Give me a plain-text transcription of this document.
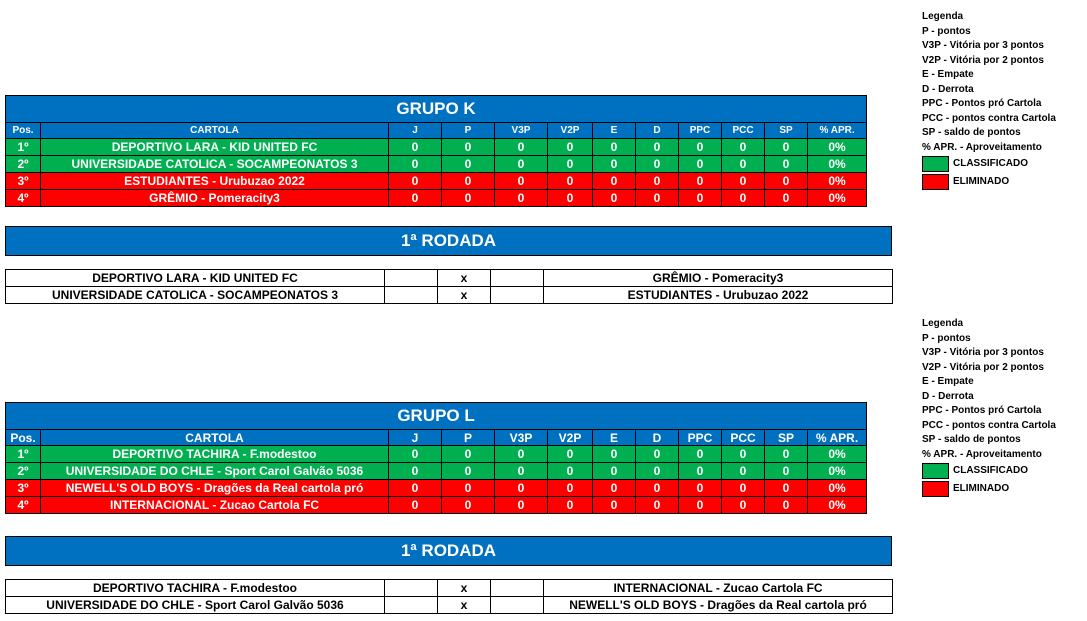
GRUPO K											
Pos.	CARTOLA	J	P	V3P	V2P	E	D	PPC	PCC	SP	% APR.
1º	DEPORTIVO LARA - KID UNITED FC	0	0	0	0	0	0	0	0	0	0%
2º	UNIVERSIDADE CATOLICA - SOCAMPEONATOS 3	0	0	0	0	0	0	0	0	0	0%
3º	ESTUDIANTES - Urubuzao 2022	0	0	0	0	0	0	0	0	0	0%
4º	GRÊMIO - Pomeracity3	0	0	0	0	0	0	0	0	0	0%
1ª RODADA
DEPORTIVO LARA - KID UNITED FC		x		GRÊMIO - Pomeracity3
UNIVERSIDADE CATOLICA - SOCAMPEONATOS 3		x		ESTUDIANTES - Urubuzao 2022
GRUPO L											
Pos.	CARTOLA	J	P	V3P	V2P	E	D	PPC	PCC	SP	% APR.
1º	DEPORTIVO TACHIRA - F.modestoo	0	0	0	0	0	0	0	0	0	0%
2º	UNIVERSIDADE DO CHLE - Sport Carol Galvão 5036	0	0	0	0	0	0	0	0	0	0%
3º	NEWELL'S OLD BOYS - Dragões da Real cartola pró	0	0	0	0	0	0	0	0	0	0%
4º	INTERNACIONAL - Zucao Cartola FC	0	0	0	0	0	0	0	0	0	0%
1ª RODADA
DEPORTIVO TACHIRA - F.modestoo		x		INTERNACIONAL - Zucao Cartola FC
UNIVERSIDADE DO CHLE - Sport Carol Galvão 5036		x		NEWELL'S OLD BOYS - Dragões da Real cartola pró
Legenda
P - pontos
V3P - Vitória por 3 pontos
V2P - Vitória por 2 pontos
E - Empate
D - Derrota
PPC - Pontos pró Cartola
PCC - pontos contra Cartola
SP - saldo de pontos
% APR. - Aproveitamento
CLASSIFICADO
ELIMINADO
Legenda
P - pontos
V3P - Vitória por 3 pontos
V2P - Vitória por 2 pontos
E - Empate
D - Derrota
PPC - Pontos pró Cartola
PCC - pontos contra Cartola
SP - saldo de pontos
% APR. - Aproveitamento
CLASSIFICADO
ELIMINADO
